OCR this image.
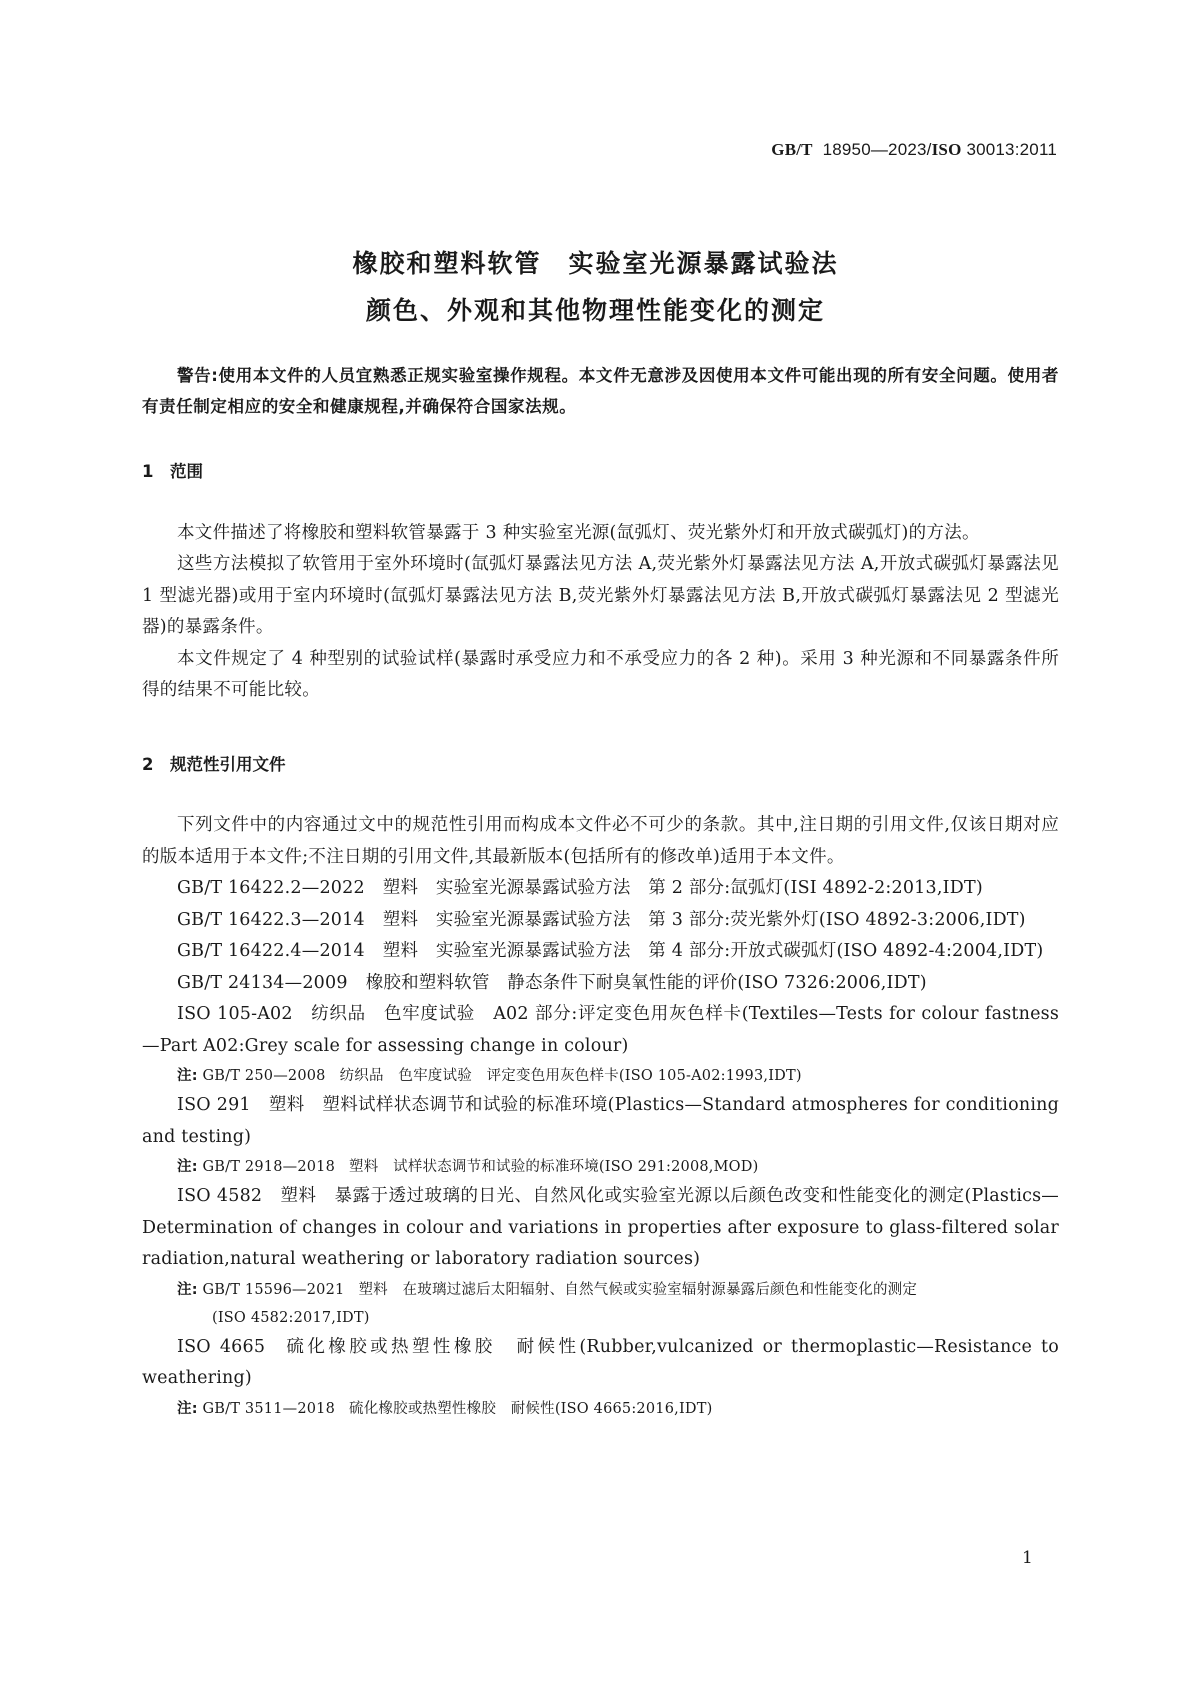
GB/T 18950—2023/ISO 30013:2011
橡胶和塑料软管　实验室光源暴露试验法
颜色、外观和其他物理性能变化的测定

警告:使用本文件的人员宜熟悉正规实验室操作规程。本文件无意涉及因使用本文件可能出现的所有安全问题。使用者有责任制定相应的安全和健康规程,并确保符合国家法规。

1 范围

本文件描述了将橡胶和塑料软管暴露于 3 种实验室光源(氙弧灯、荧光紫外灯和开放式碳弧灯)的方法。

这些方法模拟了软管用于室外环境时(氙弧灯暴露法见方法 A,荧光紫外灯暴露法见方法 A,开放式碳弧灯暴露法见 1 型滤光器)或用于室内环境时(氙弧灯暴露法见方法 B,荧光紫外灯暴露法见方法 B,开放式碳弧灯暴露法见 2 型滤光器)的暴露条件。

本文件规定了 4 种型别的试验试样(暴露时承受应力和不承受应力的各 2 种)。采用 3 种光源和不同暴露条件所得的结果不可能比较。

2 规范性引用文件

下列文件中的内容通过文中的规范性引用而构成本文件必不可少的条款。其中,注日期的引用文件,仅该日期对应的版本适用于本文件;不注日期的引用文件,其最新版本(包括所有的修改单)适用于本文件。

GB/T 16422.2—2022 塑料　实验室光源暴露试验方法　第 2 部分:氙弧灯(ISI 4892-2:2013,IDT)

GB/T 16422.3—2014 塑料　实验室光源暴露试验方法　第 3 部分:荧光紫外灯(ISO 4892-3:2006,IDT)

GB/T 16422.4—2014 塑料　实验室光源暴露试验方法　第 4 部分:开放式碳弧灯(ISO 4892-4:2004,IDT)

GB/T 24134—2009 橡胶和塑料软管　静态条件下耐臭氧性能的评价(ISO 7326:2006,IDT)

ISO 105-A02 纺织品　色牢度试验　A02 部分:评定变色用灰色样卡(Textiles—Tests for colour fastness—Part A02:Grey scale for assessing change in colour)

注: GB/T 250—2008 纺织品　色牢度试验　评定变色用灰色样卡(ISO 105-A02:1993,IDT)

ISO 291 塑料　塑料试样状态调节和试验的标准环境(Plastics—Standard atmospheres for conditioning and testing)

注: GB/T 2918—2018 塑料　试样状态调节和试验的标准环境(ISO 291:2008,MOD)

ISO 4582 塑料　暴露于透过玻璃的日光、自然风化或实验室光源以后颜色改变和性能变化的测定(Plastics—Determination of changes in colour and variations in properties after exposure to glass-filtered solar radiation,natural weathering or laboratory radiation sources)

注: GB/T 15596—2021 塑料　在玻璃过滤后太阳辐射、自然气候或实验室辐射源暴露后颜色和性能变化的测定
(ISO 4582:2017,IDT)

ISO 4665 硫化橡胶或热塑性橡胶　耐候性(Rubber,vulcanized or thermoplastic—Resistance to weathering)

注: GB/T 3511—2018 硫化橡胶或热塑性橡胶　耐候性(ISO 4665:2016,IDT)

1
